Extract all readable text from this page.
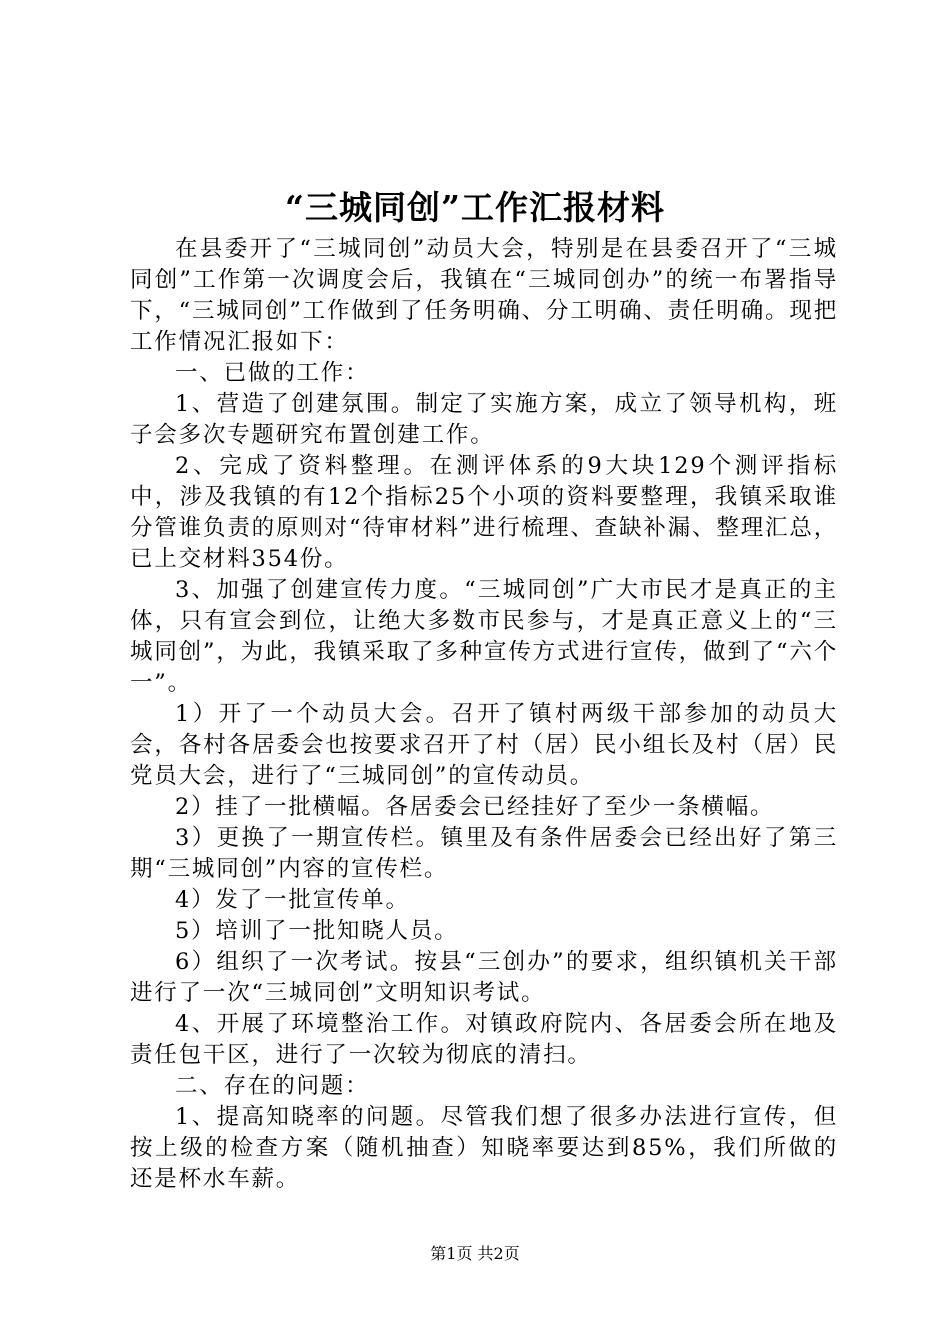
“三城同创”工作汇报材料

在县委开了“三城同创”动员大会，特别是在县委召开了“三城同创”工作第一次调度会后，我镇在“三城同创办”的统一布署指导下，“三城同创”工作做到了任务明确、分工明确、责任明确。现把工作情况汇报如下：

一、已做的工作：

1、营造了创建氛围。制定了实施方案，成立了领导机构，班子会多次专题研究布置创建工作。

2、完成了资料整理。在测评体系的9大块129个测评指标中，涉及我镇的有12个指标25个小项的资料要整理，我镇采取谁分管谁负责的原则对“待审材料”进行梳理、查缺补漏、整理汇总，已上交材料354份。

3、加强了创建宣传力度。“三城同创”广大市民才是真正的主体，只有宣会到位，让绝大多数市民参与，才是真正意义上的“三城同创”，为此，我镇采取了多种宣传方式进行宣传，做到了“六个一”。

1）开了一个动员大会。召开了镇村两级干部参加的动员大会，各村各居委会也按要求召开了村（居）民小组长及村（居）民党员大会，进行了“三城同创”的宣传动员。

2）挂了一批横幅。各居委会已经挂好了至少一条横幅。

3）更换了一期宣传栏。镇里及有条件居委会已经出好了第三期“三城同创”内容的宣传栏。

4）发了一批宣传单。

5）培训了一批知晓人员。

6）组织了一次考试。按县“三创办”的要求，组织镇机关干部进行了一次“三城同创”文明知识考试。

4、开展了环境整治工作。对镇政府院内、各居委会所在地及责任包干区，进行了一次较为彻底的清扫。

二、存在的问题：

1、提高知晓率的问题。尽管我们想了很多办法进行宣传，但按上级的检查方案（随机抽查）知晓率要达到85%，我们所做的还是杯水车薪。

第1页 共2页
